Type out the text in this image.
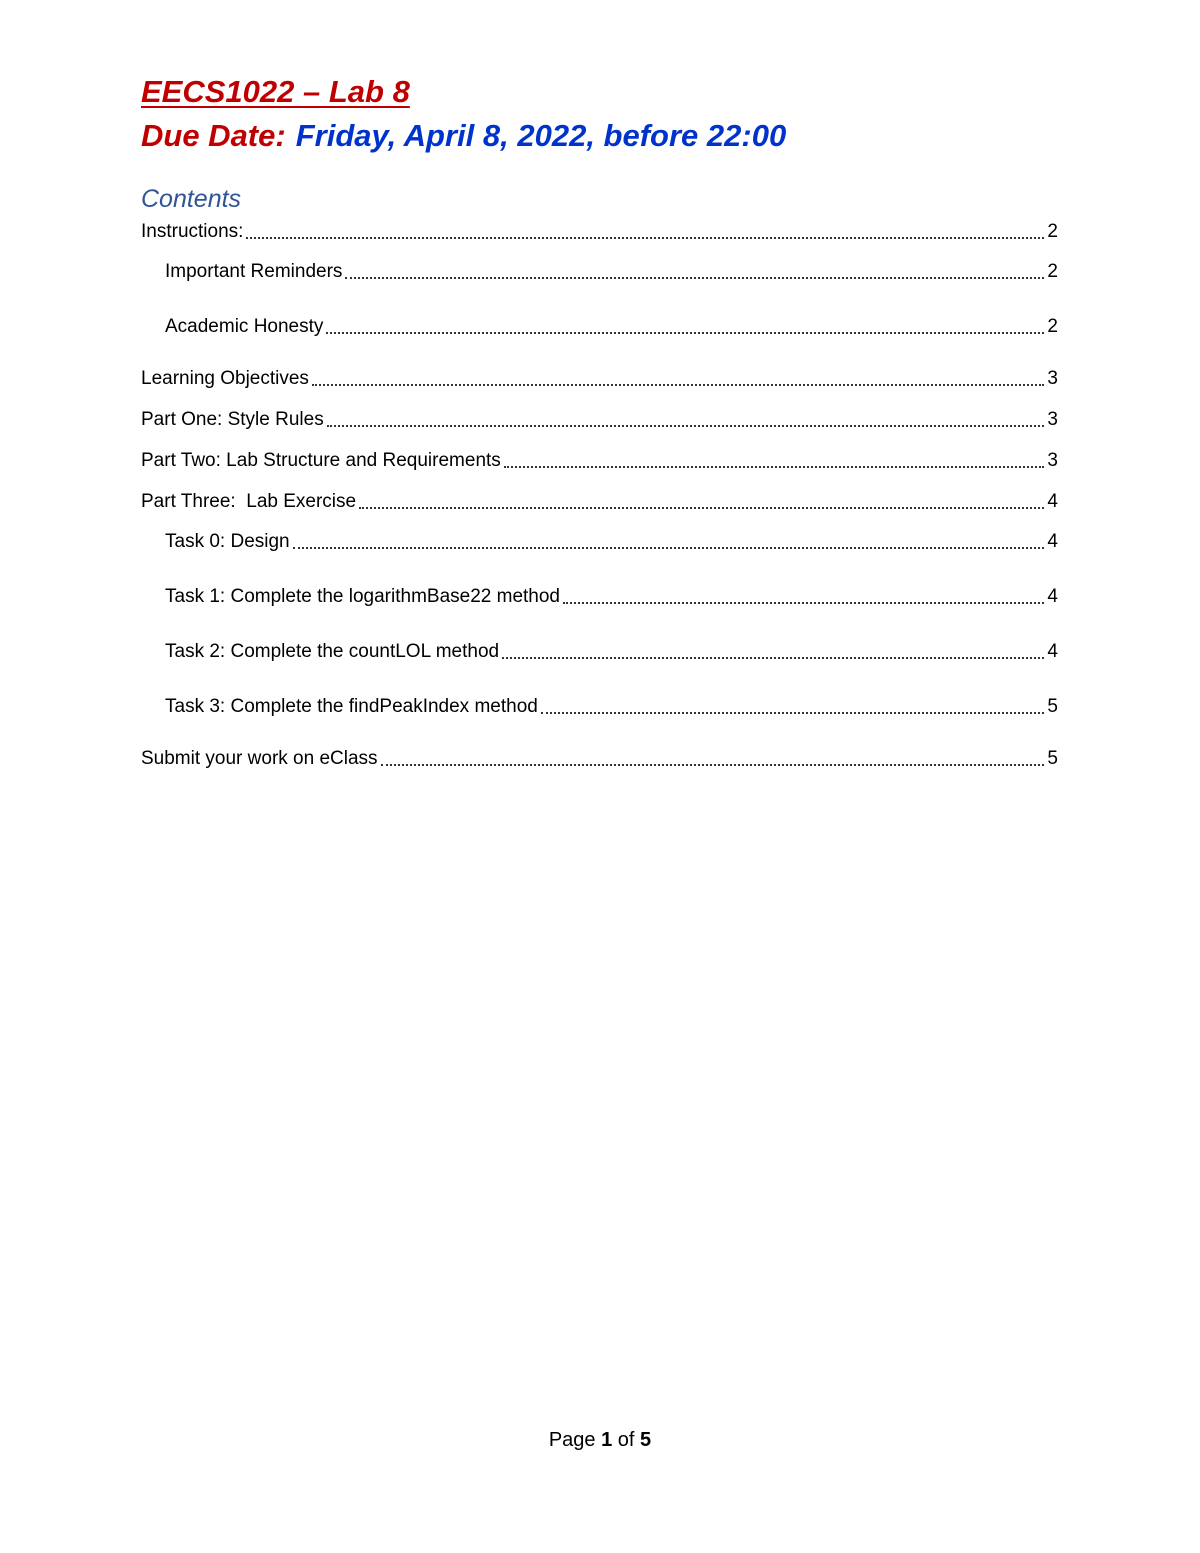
EECS1022 – Lab 8
Due Date: Friday, April 8, 2022, before 22:00
Contents
Instructions:	2
Important Reminders	2
Academic Honesty	2
Learning Objectives	3
Part One: Style Rules	3
Part Two: Lab Structure and Requirements	3
Part Three:  Lab Exercise	4
Task 0: Design	4
Task 1: Complete the logarithmBase22 method	4
Task 2: Complete the countLOL method	4
Task 3: Complete the findPeakIndex method	5
Submit your work on eClass	5
Page 1 of 5
